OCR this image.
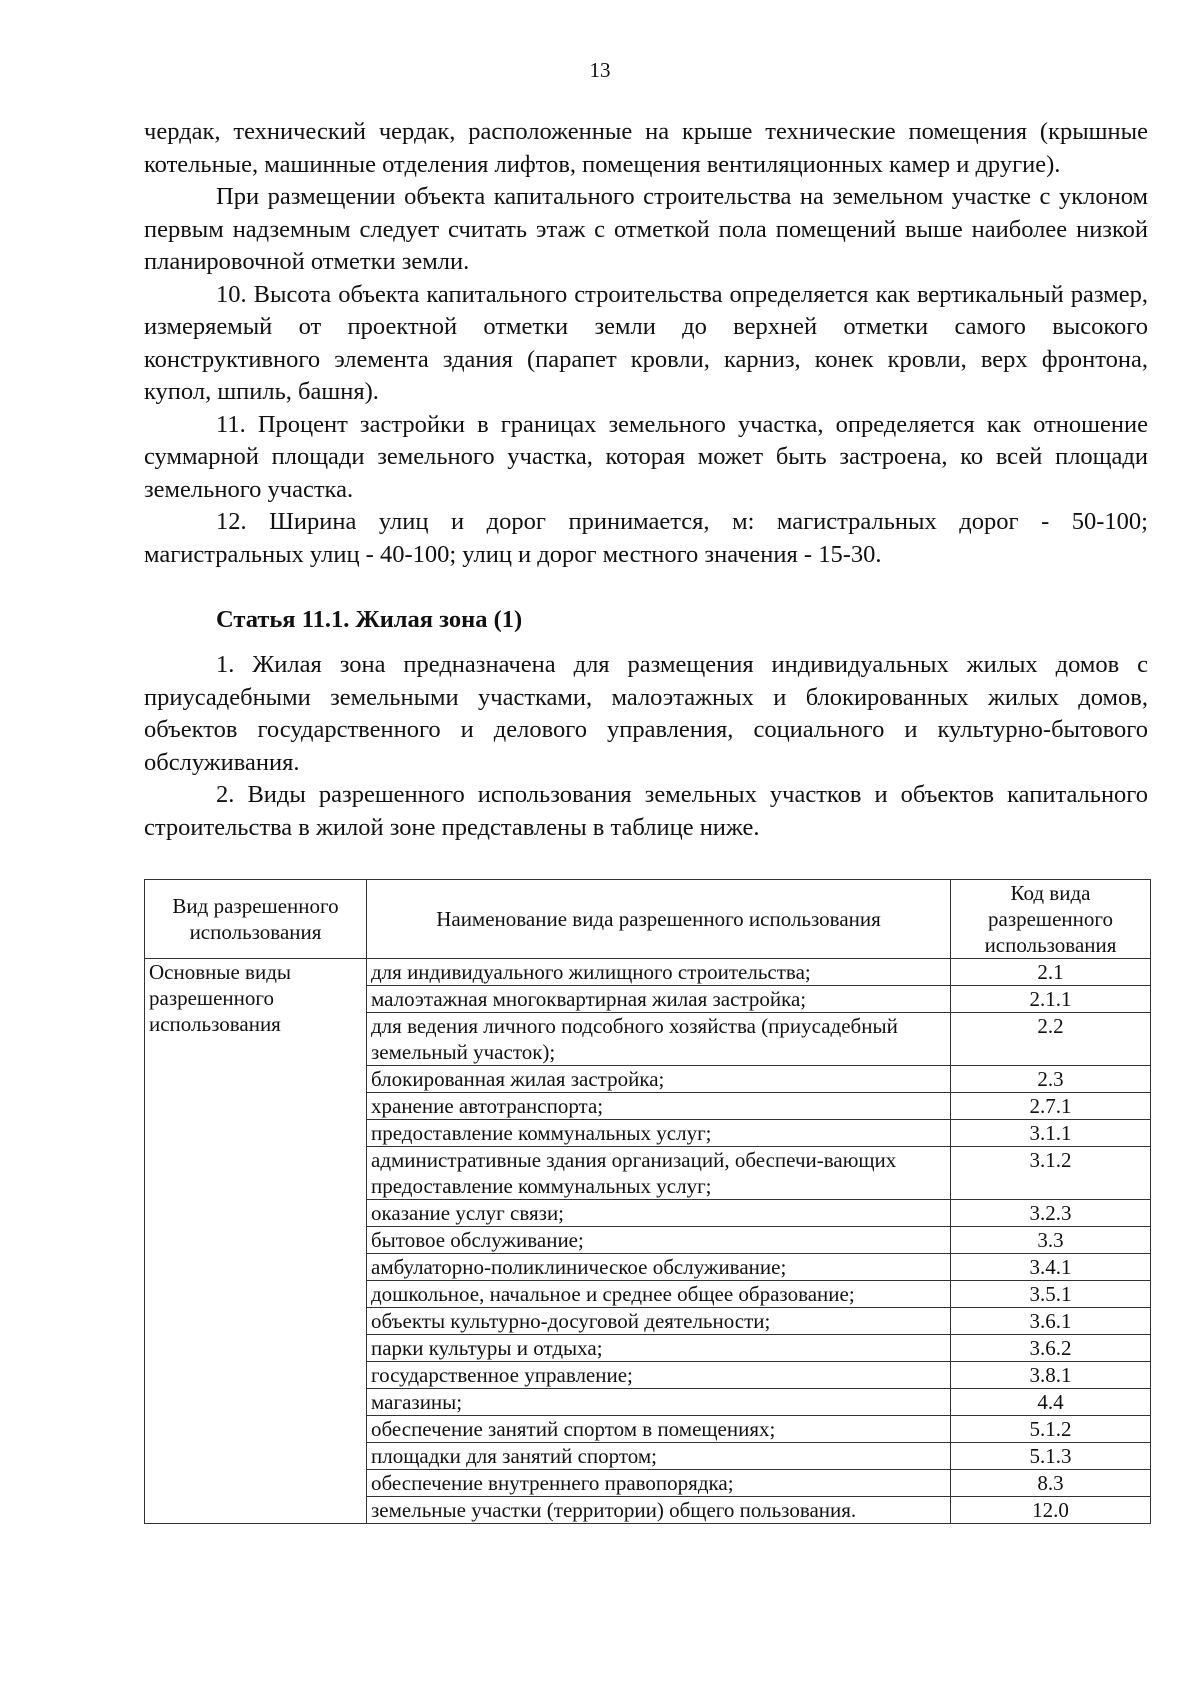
13

чердак, технический чердак, расположенные на крыше технические помещения (крышные котельные, машинные отделения лифтов, помещения вентиляционных камер и другие).

При размещении объекта капитального строительства на земельном участке с уклоном первым надземным следует считать этаж с отметкой пола помещений выше наиболее низкой планировочной отметки земли.

10. Высота объекта капитального строительства определяется как вертикальный размер, измеряемый от проектной отметки земли до верхней отметки самого высокого конструктивного элемента здания (парапет кровли, карниз, конек кровли, верх фронтона, купол, шпиль, башня).

11. Процент застройки в границах земельного участка, определяется как отношение суммарной площади земельного участка, которая может быть застроена, ко всей площади земельного участка.

12. Ширина улиц и дорог принимается, м: магистральных дорог - 50-100; магистральных улиц - 40-100; улиц и дорог местного значения - 15-30.

Статья 11.1. Жилая зона (1)

1. Жилая зона предназначена для размещения индивидуальных жилых домов с приусадебными земельными участками, малоэтажных и блокированных жилых домов, объектов государственного и делового управления, социального и культурно-бытового обслуживания.

2. Виды разрешенного использования земельных участков и объектов капитального строительства в жилой зоне представлены в таблице ниже.

Вид разрешенного использования	Наименование вида разрешенного использования	Код вида разрешенного использования
Основные виды разрешенного использования	для индивидуального жилищного строительства;	2.1
	малоэтажная многоквартирная жилая застройка;	2.1.1
	для ведения личного подсобного хозяйства (приусадебный земельный участок);	2.2
	блокированная жилая застройка;	2.3
	хранение автотранспорта;	2.7.1
	предоставление коммунальных услуг;	3.1.1
	административные здания организаций, обеспечи-вающих предоставление коммунальных услуг;	3.1.2
	оказание услуг связи;	3.2.3
	бытовое обслуживание;	3.3
	амбулаторно-поликлиническое обслуживание;	3.4.1
	дошкольное, начальное и среднее общее образование;	3.5.1
	объекты культурно-досуговой деятельности;	3.6.1
	парки культуры и отдыха;	3.6.2
	государственное управление;	3.8.1
	магазины;	4.4
	обеспечение занятий спортом в помещениях;	5.1.2
	площадки для занятий спортом;	5.1.3
	обеспечение внутреннего правопорядка;	8.3
	земельные участки (территории) общего пользования.	12.0
